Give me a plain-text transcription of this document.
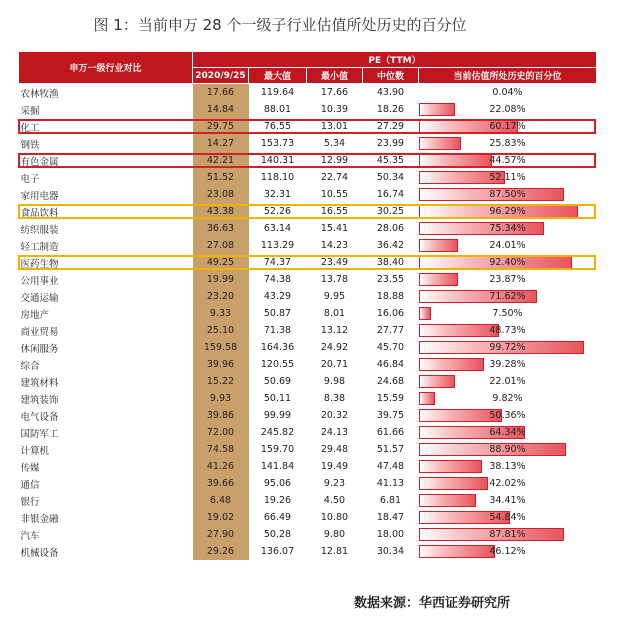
图 1：当前申万 28 个一级子行业估值所处历史的百分位
申万一级行业对比	PE（TTM）				
	2020/9/25	最大值	最小值	中位数	当前估值所处历史的百分位
农林牧渔	17.66	119.64	17.66	43.90	0.04%
采掘	14.84	88.01	10.39	18.26	22.08%
化工	29.75	76.55	13.01	27.29	60.17%
钢铁	14.27	153.73	5.34	23.99	25.83%
有色金属	42.21	140.31	12.99	45.35	44.57%
电子	51.52	118.10	22.74	50.34	52.11%
家用电器	23.08	32.31	10.55	16.74	87.50%
食品饮料	43.38	52.26	16.55	30.25	96.29%
纺织服装	36.63	63.14	15.41	28.06	75.34%
轻工制造	27.08	113.29	14.23	36.42	24.01%
医药生物	49.25	74.37	23.49	38.40	92.40%
公用事业	19.99	74.38	13.78	23.55	23.87%
交通运输	23.20	43.29	9.95	18.88	71.62%
房地产	9.33	50.87	8.01	16.06	7.50%
商业贸易	25.10	71.38	13.12	27.77	48.73%
休闲服务	159.58	164.36	24.92	45.70	99.72%
综合	39.96	120.55	20.71	46.84	39.28%
建筑材料	15.22	50.69	9.98	24.68	22.01%
建筑装饰	9.93	50.11	8.38	15.59	9.82%
电气设备	39.86	99.99	20.32	39.75	50.36%
国防军工	72.00	245.82	24.13	61.66	64.34%
计算机	74.58	159.70	29.48	51.57	88.90%
传媒	41.26	141.84	19.49	47.48	38.13%
通信	39.66	95.06	9.23	41.13	42.02%
银行	6.48	19.26	4.50	6.81	34.41%
非银金融	19.02	66.49	10.80	18.47	54.84%
汽车	27.90	50.28	9.80	18.00	87.81%
机械设备	29.26	136.07	12.81	30.34	46.12%
数据来源：华西证券研究所
